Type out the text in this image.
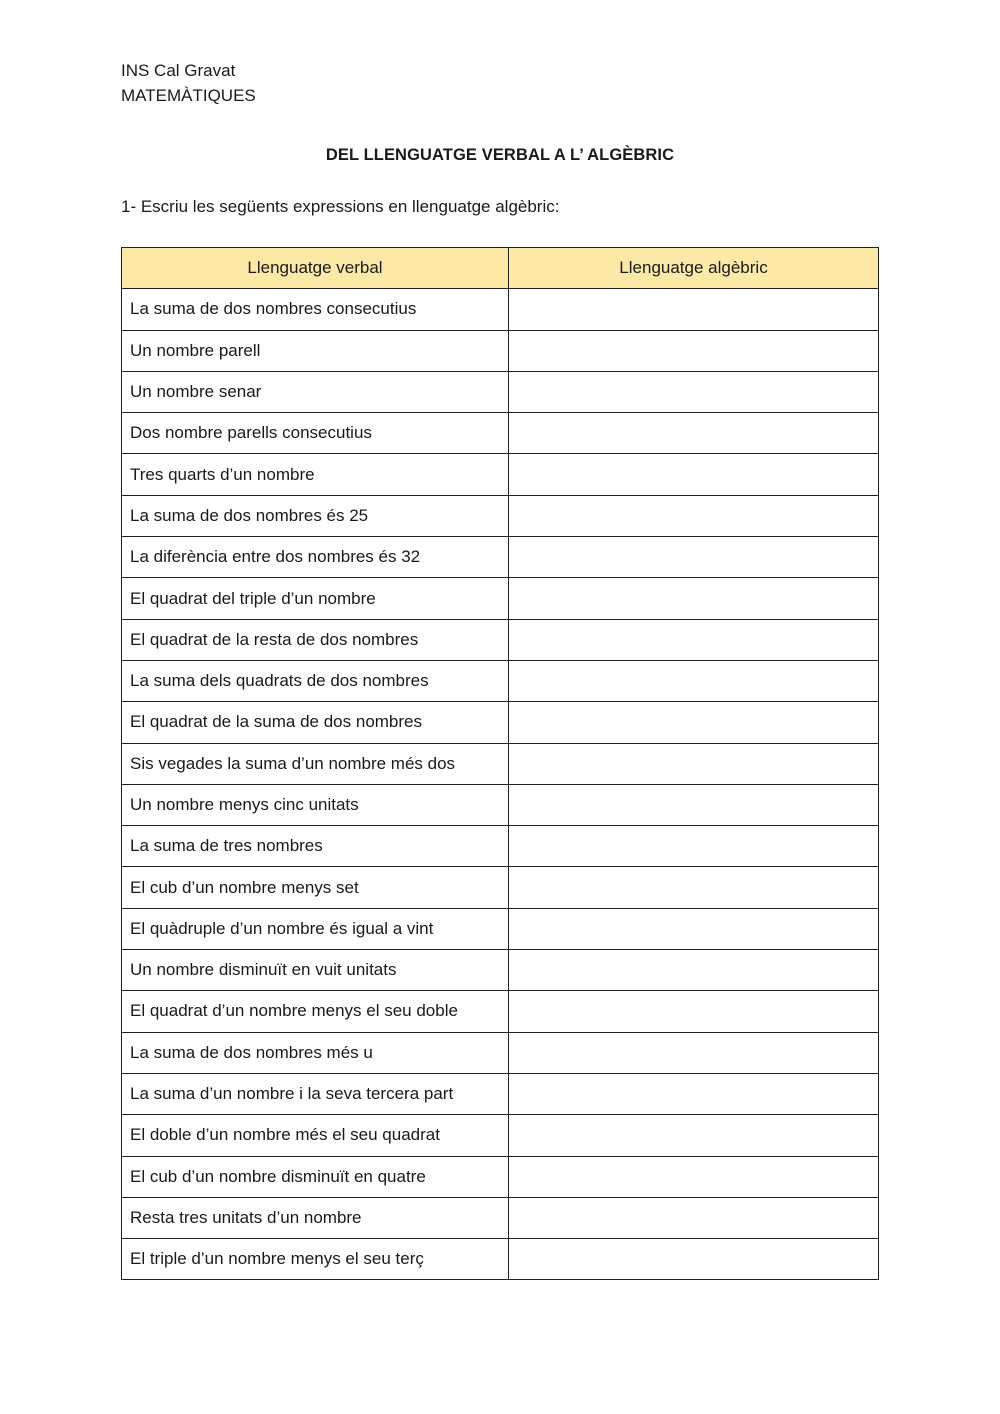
INS Cal Gravat
MATEMÀTIQUES
DEL LLENGUATGE VERBAL A L’ ALGÈBRIC
1- Escriu les següents expressions en llenguatge algèbric:
Llenguatge verbal	Llenguatge algèbric
La suma de dos nombres consecutius	
Un nombre parell	
Un nombre senar	
Dos nombre parells consecutius	
Tres quarts d’un nombre	
La suma de dos nombres és 25	
La diferència entre dos nombres és 32	
El quadrat del triple d’un nombre	
El quadrat de la resta de dos nombres	
La suma dels quadrats de dos nombres	
El quadrat de la suma de dos nombres	
Sis vegades la suma d’un nombre més dos	
Un nombre menys cinc unitats	
La suma de tres nombres	
El cub d’un nombre menys set	
El quàdruple d’un nombre és igual a vint	
Un nombre disminuït en vuit unitats	
El quadrat d’un nombre menys el seu doble	
La suma de dos nombres més u	
La suma d’un nombre i la seva tercera part	
El doble d’un nombre més el seu quadrat	
El cub d’un nombre disminuït en quatre	
Resta tres unitats d’un nombre	
El triple d’un nombre menys el seu terç	
